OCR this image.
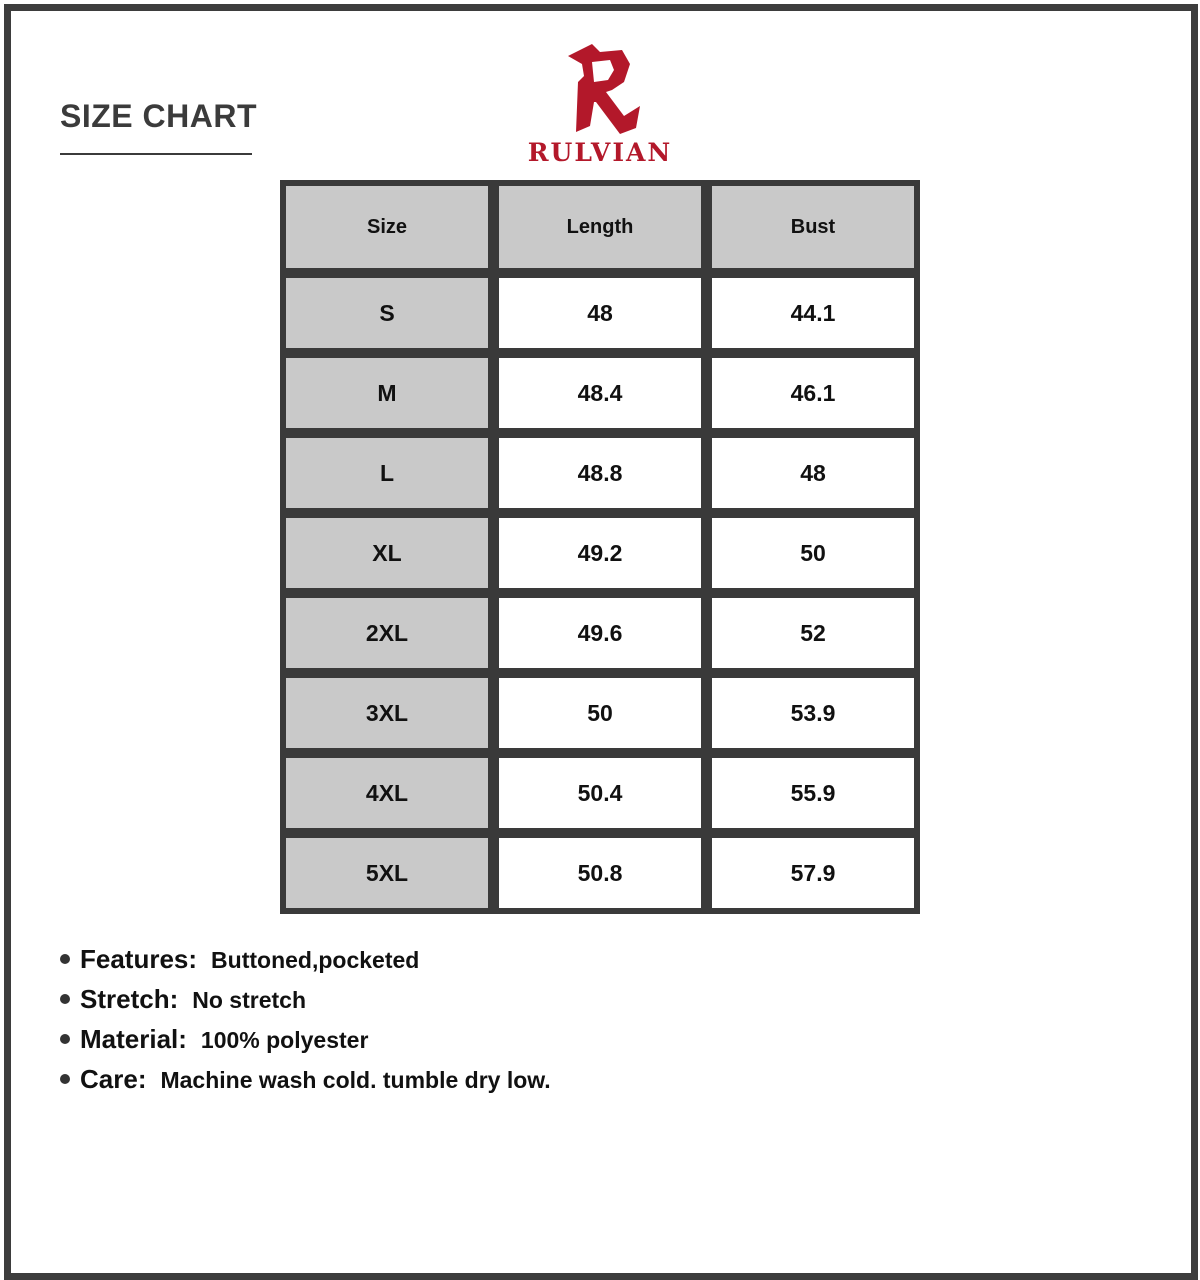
SIZE CHART
RULVIAN
Size	Length	Bust
S	48	44.1
M	48.4	46.1
L	48.8	48
XL	49.2	50
2XL	49.6	52
3XL	50	53.9
4XL	50.4	55.9
5XL	50.8	57.9
Features: Buttoned,pocketed
Stretch: No stretch
Material: 100% polyester
Care: Machine wash cold. tumble dry low.
